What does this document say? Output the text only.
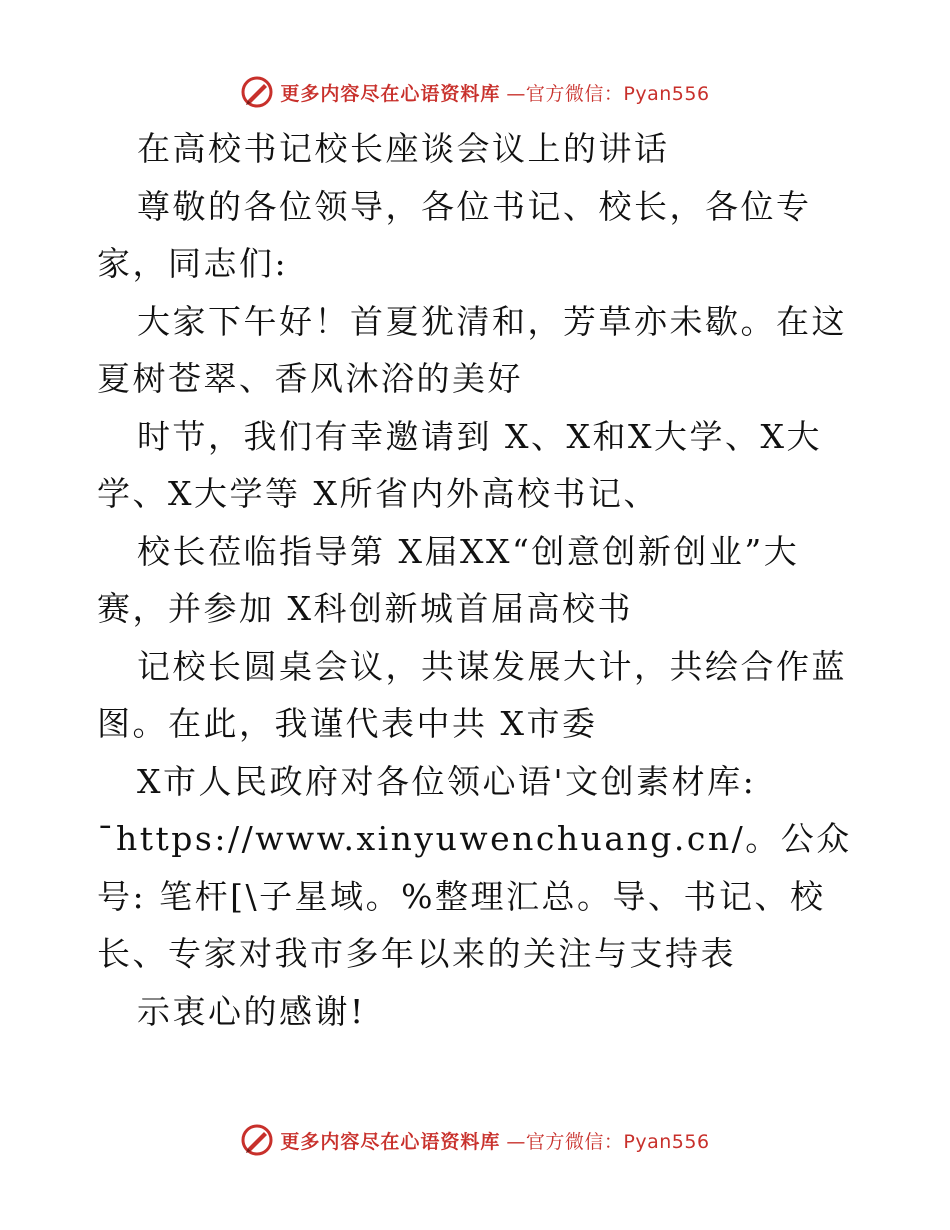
更多内容尽在心语资料库 —官方微信：Pyan556

在高校书记校长座谈会议上的讲话

尊敬的各位领导，各位书记、校长，各位专家，同志们:

大家下午好！首夏犹清和，芳草亦未歇。在这夏树苍翠、香风沐浴的美好

时节，我们有幸邀请到 X、X和X大学、X大学、X大学等 X所省内外高校书记、

校长莅临指导第 X届XX“创意创新创业”大赛，并参加 X科创新城首届高校书

记校长圆桌会议，共谋发展大计，共绘合作蓝图。在此，我谨代表中共 X市委

X市人民政府对各位领心语'文创素材库:

¯https://www.xinyuwenchuang.cn/。公众号: 笔杆[\子星域。%整理汇总。导、书记、校长、专家对我市多年以来的关注与支持表

示衷心的感谢!

更多内容尽在心语资料库 —官方微信：Pyan556
